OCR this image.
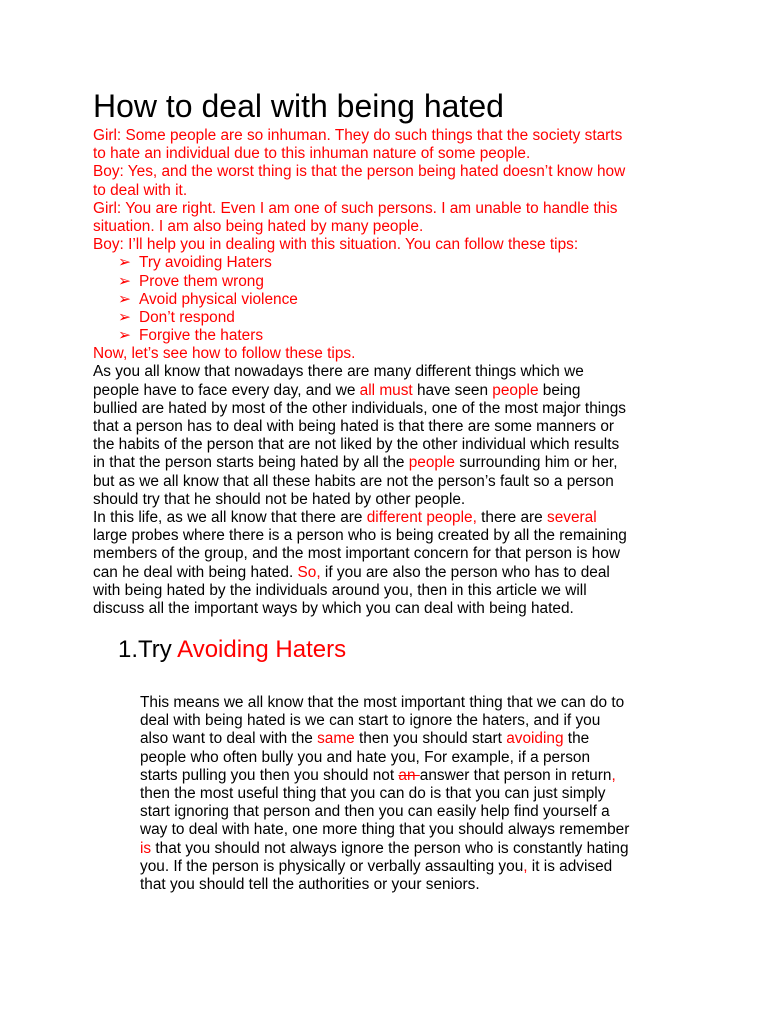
How to deal with being hated
Girl: Some people are so inhuman. They do such things that the society starts
to hate an individual due to this inhuman nature of some people.
Boy: Yes, and the worst thing is that the person being hated doesn’t know how
to deal with it.
Girl: You are right. Even I am one of such persons. I am unable to handle this
situation. I am also being hated by many people.
Boy: I’ll help you in dealing with this situation. You can follow these tips:
➢ Try avoiding Haters
➢ Prove them wrong
➢ Avoid physical violence
➢ Don’t respond
➢ Forgive the haters
Now, let’s see how to follow these tips.
As you all know that nowadays there are many different things which we
people have to face every day, and we all must have seen people being
bullied are hated by most of the other individuals, one of the most major things
that a person has to deal with being hated is that there are some manners or
the habits of the person that are not liked by the other individual which results
in that the person starts being hated by all the people surrounding him or her,
but as we all know that all these habits are not the person’s fault so a person
should try that he should not be hated by other people.
In this life, as we all know that there are different people, there are several
large probes where there is a person who is being created by all the remaining
members of the group, and the most important concern for that person is how
can he deal with being hated. So, if you are also the person who has to deal
with being hated by the individuals around you, then in this article we will
discuss all the important ways by which you can deal with being hated.
1.Try Avoiding Haters
This means we all know that the most important thing that we can do to
deal with being hated is we can start to ignore the haters, and if you
also want to deal with the same then you should start avoiding the
people who often bully you and hate you, For example, if a person
starts pulling you then you should not an answer that person in return,
then the most useful thing that you can do is that you can just simply
start ignoring that person and then you can easily help find yourself a
way to deal with hate, one more thing that you should always remember
is that you should not always ignore the person who is constantly hating
you. If the person is physically or verbally assaulting you, it is advised
that you should tell the authorities or your seniors.
